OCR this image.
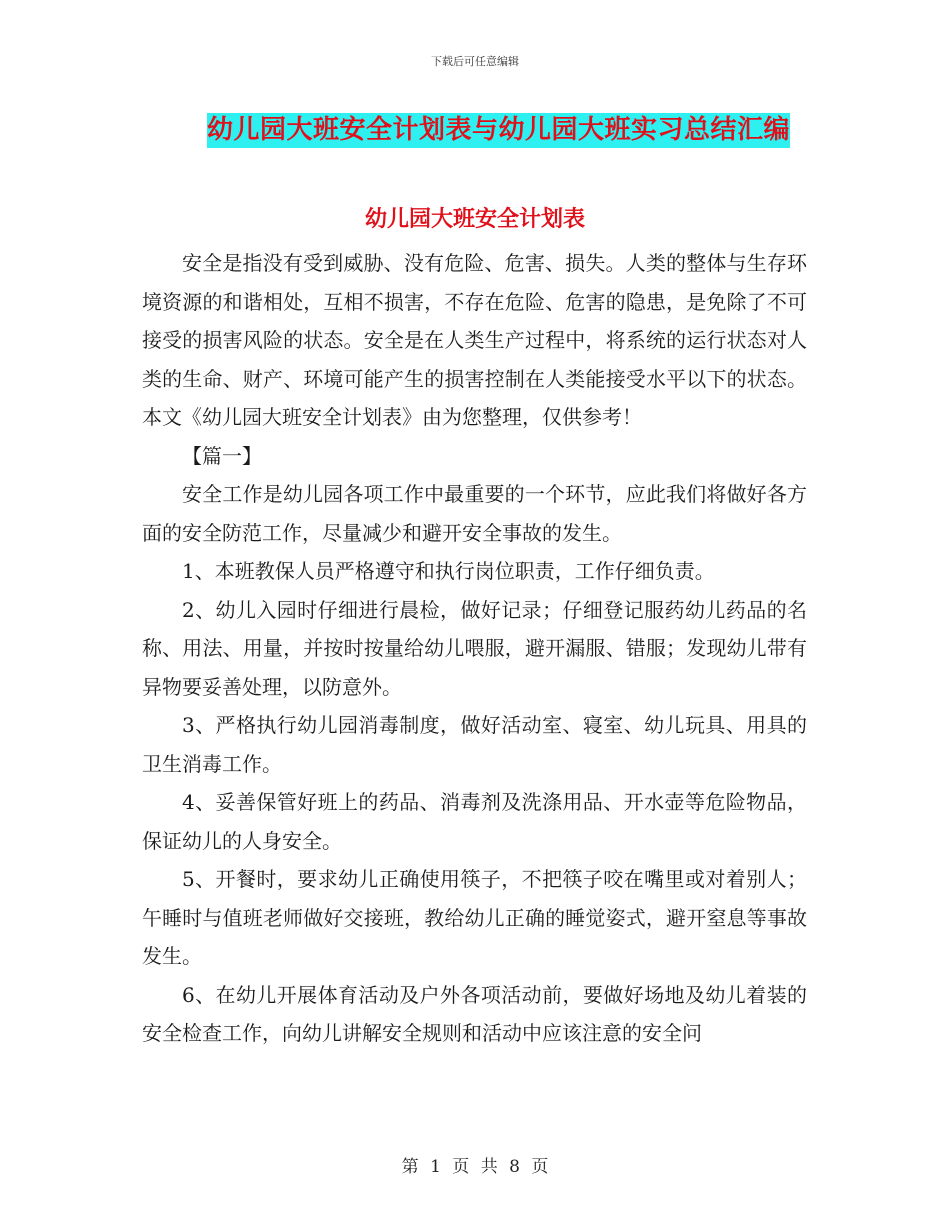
下载后可任意编辑
幼儿园大班安全计划表与幼儿园大班实习总结汇编
幼儿园大班安全计划表

安全是指没有受到威胁、没有危险、危害、损失。人类的整体与生存环境资源的和谐相处，互相不损害，不存在危险、危害的隐患，是免除了不可接受的损害风险的状态。安全是在人类生产过程中，将系统的运行状态对人类的生命、财产、环境可能产生的损害控制在人类能接受水平以下的状态。本文《幼儿园大班安全计划表》由为您整理，仅供参考！

【篇一】

安全工作是幼儿园各项工作中最重要的一个环节，应此我们将做好各方面的安全防范工作，尽量减少和避开安全事故的发生。

1、本班教保人员严格遵守和执行岗位职责，工作仔细负责。

2、幼儿入园时仔细进行晨检，做好记录；仔细登记服药幼儿药品的名称、用法、用量，并按时按量给幼儿喂服，避开漏服、错服；发现幼儿带有异物要妥善处理，以防意外。

3、严格执行幼儿园消毒制度，做好活动室、寝室、幼儿玩具、用具的卫生消毒工作。

4、妥善保管好班上的药品、消毒剂及洗涤用品、开水壶等危险物品，保证幼儿的人身安全。

5、开餐时，要求幼儿正确使用筷子，不把筷子咬在嘴里或对着别人；午睡时与值班老师做好交接班，教给幼儿正确的睡觉姿式，避开窒息等事故发生。

6、在幼儿开展体育活动及户外各项活动前，要做好场地及幼儿着装的安全检查工作，向幼儿讲解安全规则和活动中应该注意的安全问

第 1 页 共 8 页
